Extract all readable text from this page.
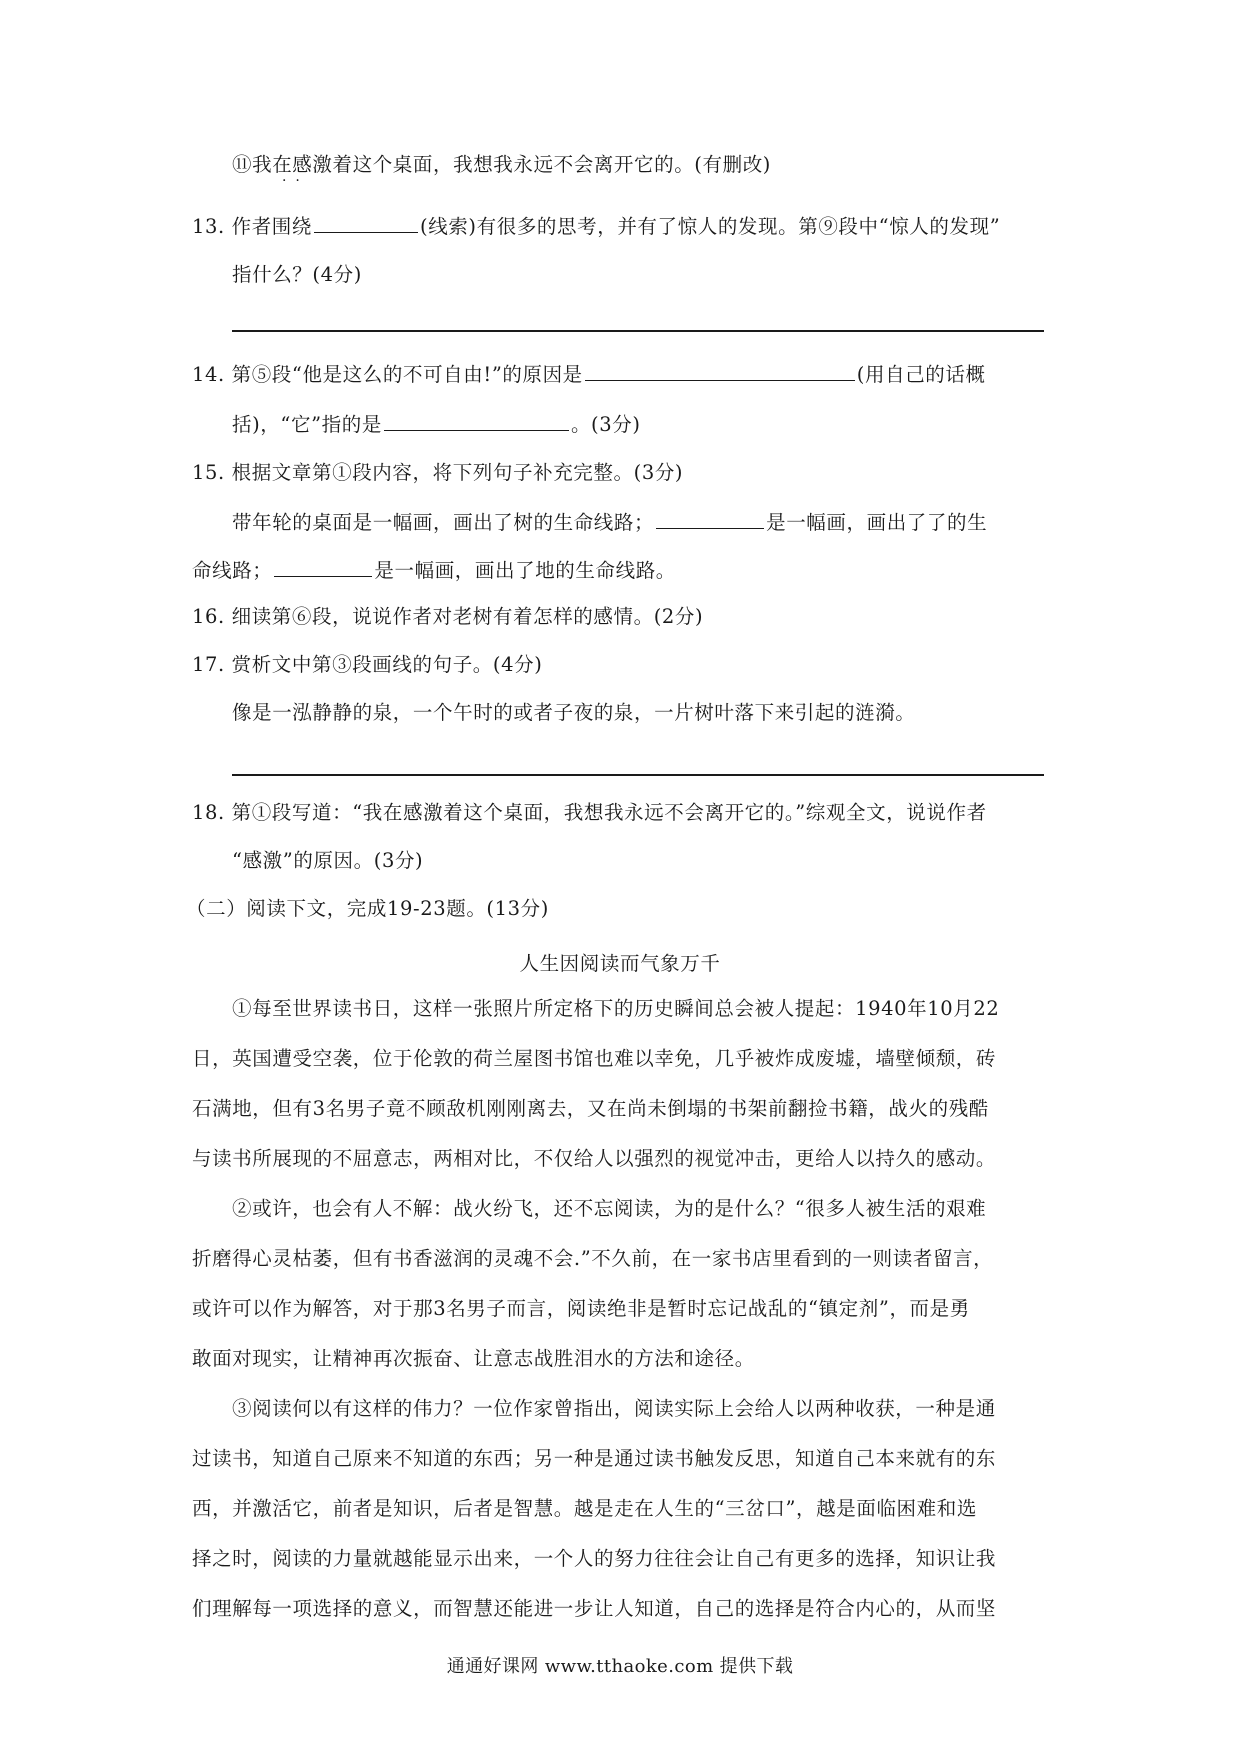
⑪我在感激着这个桌面，我想我永远不会离开它的。(有删改)
·  ·
13. 作者围绕	(线索)有很多的思考，并有了惊人的发现。第⑨段中“惊人的发现”
指什么？(4分)
14. 第⑤段“他是这么的不可自由!”的原因是	(用自己的话概
括)，“它”指的是	。(3分)
15. 根据文章第①段内容，将下列句子补充完整。(3分)
带年轮的桌面是一幅画，画出了树的生命线路；	是一幅画，画出了了的生
命线路；	是一幅画，画出了地的生命线路。
16. 细读第⑥段，说说作者对老树有着怎样的感情。(2分)
17. 赏析文中第③段画线的句子。(4分)
像是一泓静静的泉，一个午时的或者子夜的泉，一片树叶落下来引起的涟漪。
18. 第①段写道：“我在感激着这个桌面，我想我永远不会离开它的。”综观全文，说说作者
“感激”的原因。(3分)
（二）阅读下文，完成19-23题。(13分)
人生因阅读而气象万千
①每至世界读书日，这样一张照片所定格下的历史瞬间总会被人提起：1940年10月22
日，英国遭受空袭，位于伦敦的荷兰屋图书馆也难以幸免，几乎被炸成废墟，墙壁倾颓，砖
石满地，但有3名男子竟不顾敌机刚刚离去，又在尚未倒塌的书架前翻捡书籍，战火的残酷
与读书所展现的不屈意志，两相对比，不仅给人以强烈的视觉冲击，更给人以持久的感动。
②或许，也会有人不解：战火纷飞，还不忘阅读，为的是什么？“很多人被生活的艰难
折磨得心灵枯萎，但有书香滋润的灵魂不会.”不久前，在一家书店里看到的一则读者留言，
或许可以作为解答，对于那3名男子而言，阅读绝非是暂时忘记战乱的“镇定剂”，而是勇
敢面对现实，让精神再次振奋、让意志战胜泪水的方法和途径。
③阅读何以有这样的伟力？一位作家曾指出，阅读实际上会给人以两种收获，一种是通
过读书，知道自己原来不知道的东西；另一种是通过读书触发反思，知道自己本来就有的东
西，并激活它，前者是知识，后者是智慧。越是走在人生的“三岔口”，越是面临困难和选
择之时，阅读的力量就越能显示出来，一个人的努力往往会让自己有更多的选择，知识让我
们理解每一项选择的意义，而智慧还能进一步让人知道，自己的选择是符合内心的，从而坚
通通好课网 www.tthaoke.com 提供下载
